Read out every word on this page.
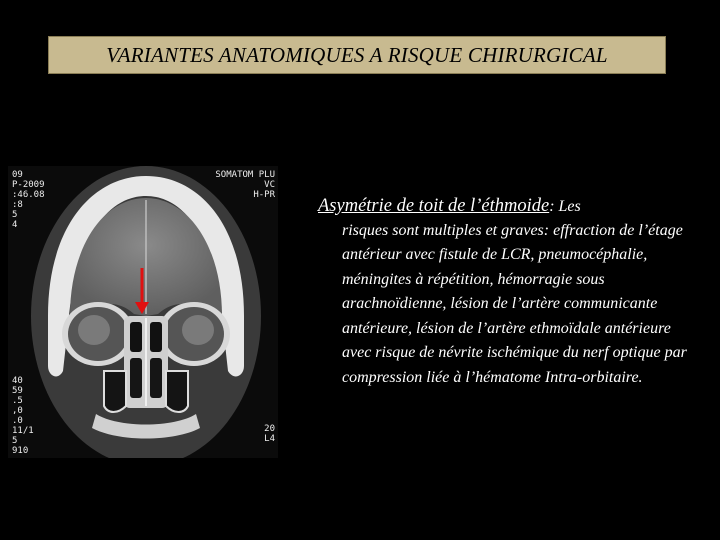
VARIANTES ANATOMIQUES A RISQUE CHIRURGICAL
09
P-2009
:46.08
:8
5
4
SOMATOM PLU
VC
H-PR
40
59
.5
,0
.0
11/1
5
910
20
L4
Asymétrie de toit de l’éthmoide: Les
risques sont multiples et graves: effraction de l’étage antérieur avec fistule de LCR, pneumocéphalie, méningites à répétition, hémorragie sous arachnoïdienne, lésion de l’artère communicante antérieure, lésion de l’artère ethmoïdale antérieure avec risque de névrite ischémique du nerf optique par compression liée à l’hématome Intra-orbitaire.
